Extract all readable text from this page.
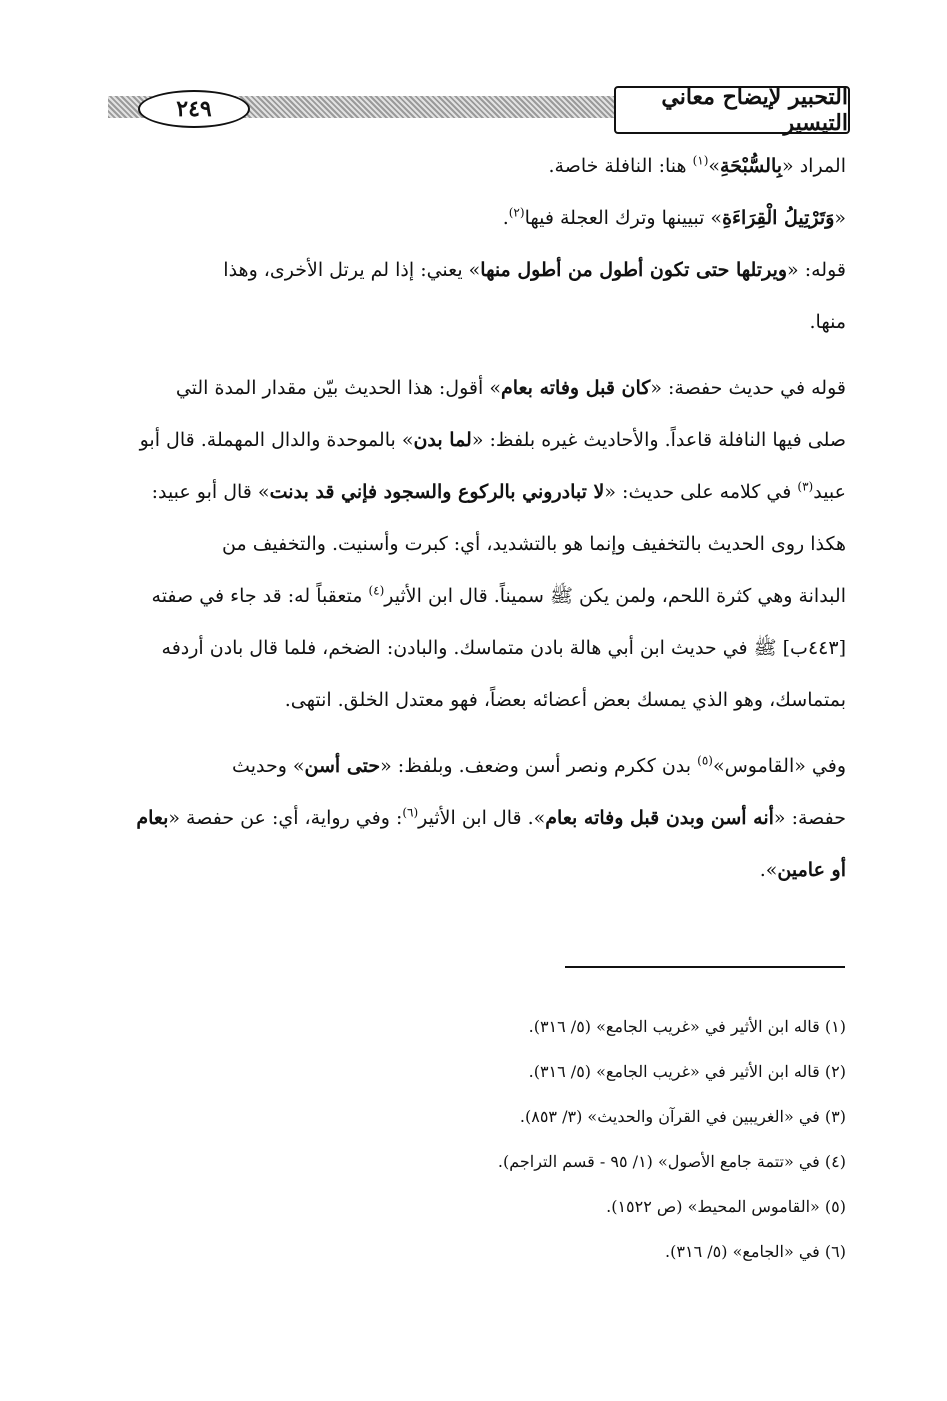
التحبير لإيضاح معاني التيسير
٢٤٩
المراد «بِالسُّبْحَةِ»$^{(١)}$ هنا: النافلة خاصة.
«وَتَرْتِيلُ الْقِرَاءَةِ» تبيينها وترك العجلة فيها$^{(٢)}$.
قوله: «ويرتلها حتى تكون أطول من أطول منها» يعني: إذا لم يرتل الأخرى، وهذا
منها.
قوله في حديث حفصة: «كان قبل وفاته بعام» أقول: هذا الحديث بيّن مقدار المدة التي
صلى فيها النافلة قاعداً. والأحاديث غيره بلفظ: «لما بدن» بالموحدة والدال المهملة. قال أبو
عبيد$^{(٣)}$ في كلامه على حديث: «لا تبادروني بالركوع والسجود فإني قد بدنت» قال أبو عبيد:
هكذا روى الحديث بالتخفيف وإنما هو بالتشديد، أي: كبرت وأسنيت. والتخفيف من
البدانة وهي كثرة اللحم، ولمن يكن ﷺ سميناً. قال ابن الأثير$^{(٤)}$ متعقباً له: قد جاء في صفته
[٤٤٣ب] ﷺ في حديث ابن أبي هالة بادن متماسك. والبادن: الضخم، فلما قال بادن أردفه
بمتماسك، وهو الذي يمسك بعض أعضائه بعضاً، فهو معتدل الخلق. انتهى.
وفي «القاموس»$^{(٥)}$ بدن ككرم ونصر أسن وضعف. وبلفظ: «حتى أسن» وحديث
حفصة: «أنه أسن وبدن قبل وفاته بعام». قال ابن الأثير$^{(٦)}$: وفي رواية، أي: عن حفصة «بعام
أو عامين».
(١) قاله ابن الأثير في «غريب الجامع» (٥/ ٣١٦).
(٢) قاله ابن الأثير في «غريب الجامع» (٥/ ٣١٦).
(٣) في «الغريبين في القرآن والحديث» (٣/ ٨٥٣).
(٤) في «تتمة جامع الأصول» (١/ ٩٥ - قسم التراجم).
(٥) «القاموس المحيط» (ص ١٥٢٢).
(٦) في «الجامع» (٥/ ٣١٦).
